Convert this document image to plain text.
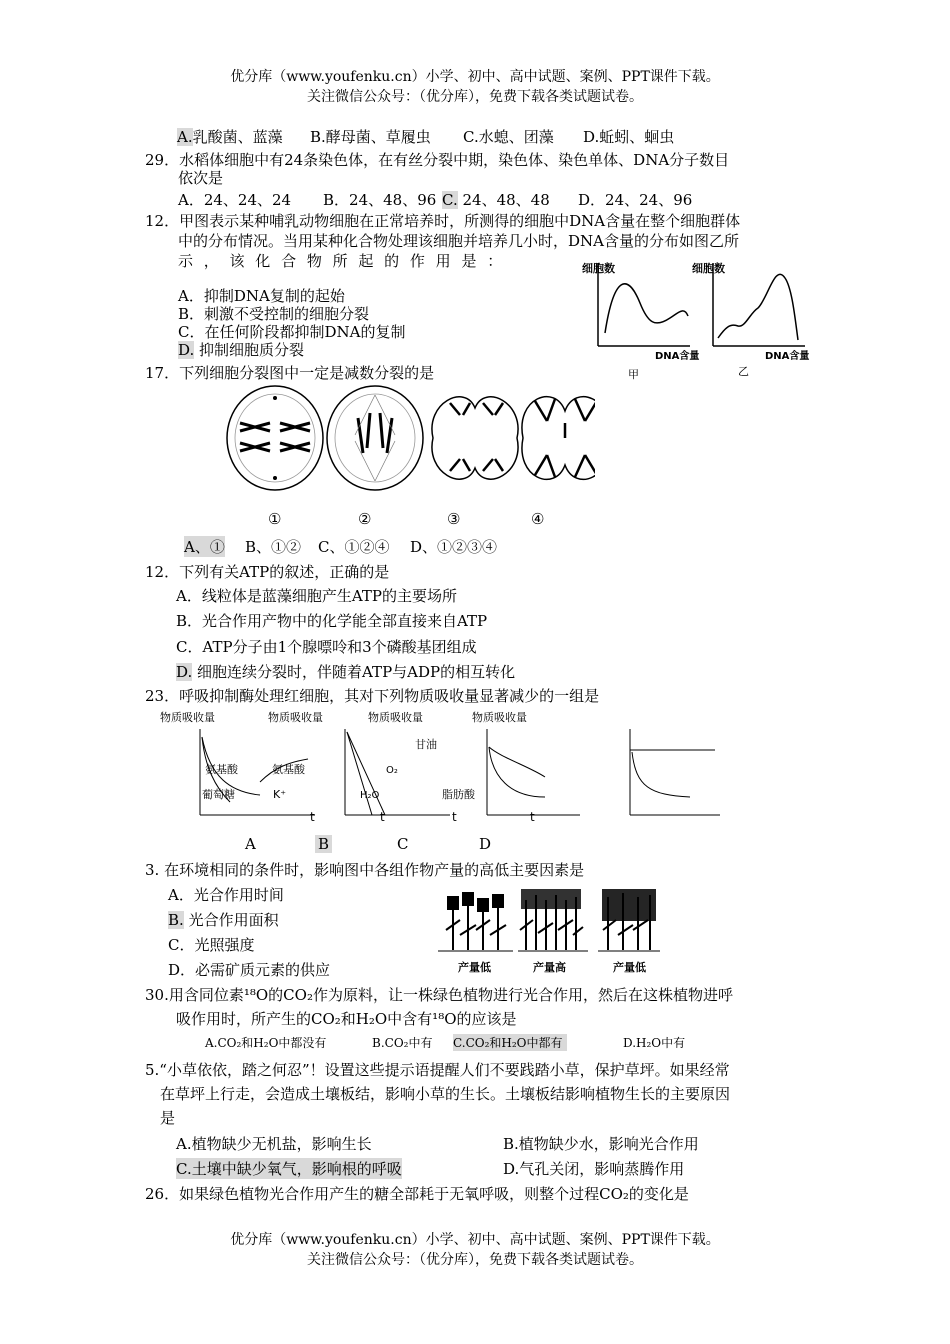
优分库（www.youfenku.cn）小学、初中、高中试题、案例、PPT课件下载。
关注微信公众号：（优分库），免费下载各类试题试卷。
A.乳酸菌、蓝藻 B.酵母菌、草履虫 C.水螅、团藻 D.蚯蚓、蛔虫
29．水稻体细胞中有24条染色体，在有丝分裂中期，染色体、染色单体、DNA分子数目
依次是
A．24、24、24 B．24、48、96 C. 24、48、48 D．24、24、96
12．甲图表示某种哺乳动物细胞在正常培养时，所测得的细胞中DNA含量在整个细胞群体
中的分布情况。当用某种化合物处理该细胞并培养几小时，DNA含量的分布如图乙所
示 ， 该 化 合 物 所 起 的 作 用 是 ：
A．抑制DNA复制的起始
B．刺激不受控制的细胞分裂
C．在任何阶段都抑制DNA的复制
D. 抑制细胞质分裂
细胞数
DNA含量
甲
细胞数
DNA含量
乙
17．下列细胞分裂图中一定是减数分裂的是
①	②	③	④
A、① B、①② C、①②④ D、①②③④
12．下列有关ATP的叙述，正确的是
A．线粒体是蓝藻细胞产生ATP的主要场所
B．光合作用产物中的化学能全部直接来自ATP
C．ATP分子由1个腺嘌呤和3个磷酸基团组成
D. 细胞连续分裂时，伴随着ATP与ADP的相互转化
23．呼吸抑制酶处理红细胞，其对下列物质吸收量显著减少的一组是
物质吸收量	物质吸收量	物质吸收量	物质吸收量
氨基酸
葡萄糖
氨基酸
K⁺
t
O₂
H₂O
甘油
脂肪酸
t	t	t
A	B	C	D
3. 在环境相同的条件时，影响图中各组作物产量的高低主要因素是
A．光合作用时间
B. 光合作用面积
C．光照强度
D．必需矿质元素的供应	产量低	产量高	产量低
30.用含同位素¹⁸O的CO₂作为原料，让一株绿色植物进行光合作用，然后在这株植物进呼
吸作用时，所产生的CO₂和H₂O中含有¹⁸O的应该是
A.CO₂和H₂O中都没有	B.CO₂中有 C.CO₂和H₂O中都有	D.H₂O中有
5.“小草依依，踏之何忍”！设置这些提示语提醒人们不要践踏小草，保护草坪。如果经常
在草坪上行走，会造成土壤板结，影响小草的生长。土壤板结影响植物生长的主要原因
是
A.植物缺少无机盐，影响生长	B.植物缺少水，影响光合作用
C.土壤中缺少氧气，影响根的呼吸	D.气孔关闭，影响蒸腾作用
26．如果绿色植物光合作用产生的糖全部耗于无氧呼吸，则整个过程CO₂的变化是
优分库（www.youfenku.cn）小学、初中、高中试题、案例、PPT课件下载。
关注微信公众号：（优分库），免费下载各类试题试卷。
